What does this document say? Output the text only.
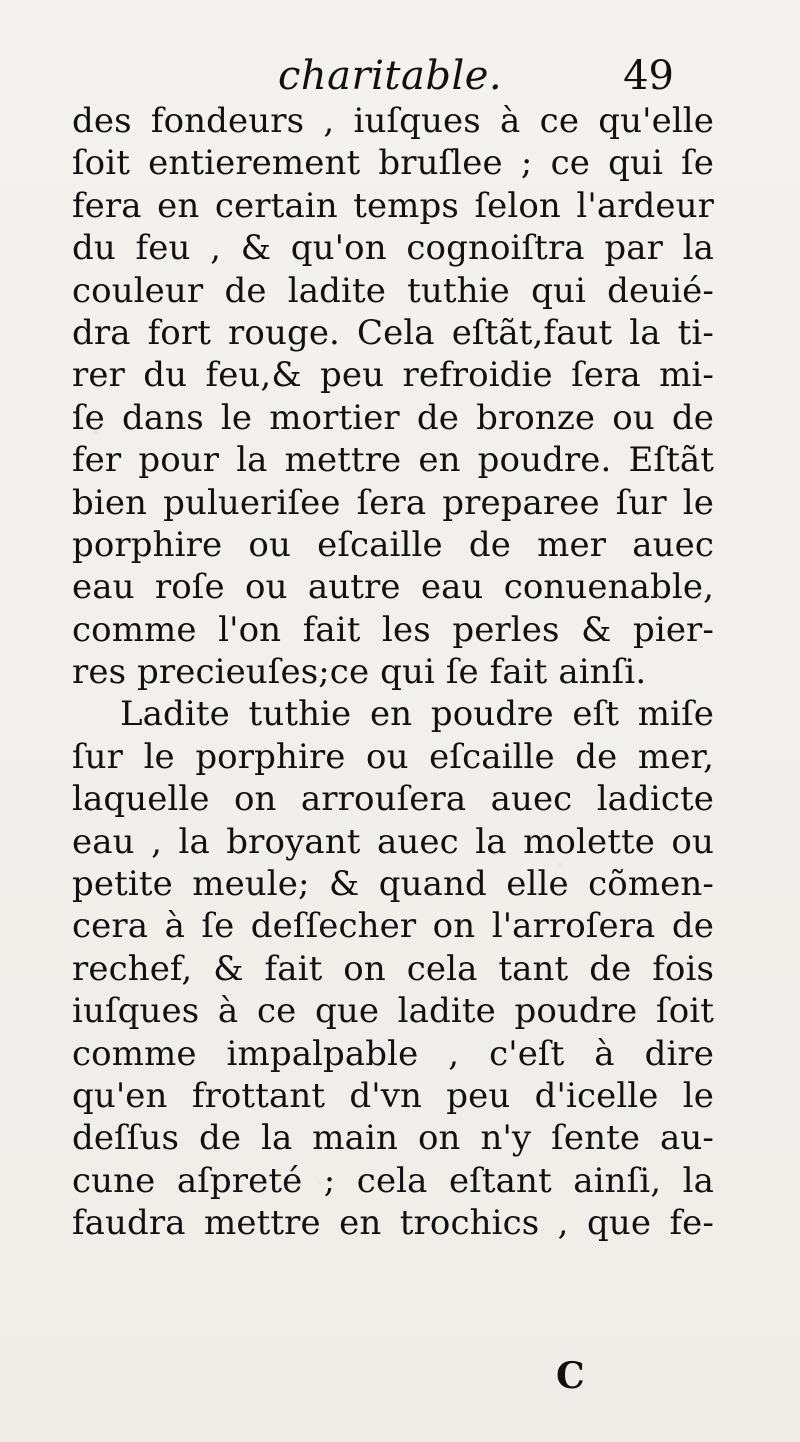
charitable.	49
des fondeurs , iuſques à ce qu'elle
ſoit entierement bruſlee ; ce qui ſe
fera en certain temps ſelon l'ardeur
du feu , & qu'on cognoiſtra par la
couleur de ladite tuthie qui deuié-
dra fort rouge. Cela eſtãt,faut la ti-
rer du feu,& peu refroidie ſera mi-
ſe dans le mortier de bronze ou de
fer pour la mettre en poudre. Eſtãt
bien pulueriſee ſera preparee ſur le
porphire ou eſcaille de mer auec
eau roſe ou autre eau conuenable,
comme l'on fait les perles & pier-
res precieuſes;ce qui ſe fait ainſi.
Ladite tuthie en poudre eſt miſe
ſur le porphire ou eſcaille de mer,
laquelle on arrouſera auec ladicte
eau , la broyant auec la molette ou
petite meule; & quand elle cõmen-
cera à ſe deſſecher on l'arroſera de
rechef, & fait on cela tant de fois
iuſques à ce que ladite poudre ſoit
comme impalpable , c'eſt à dire
qu'en frottant d'vn peu d'icelle le
deſſus de la main on n'y ſente au-
cune aſpreté ; cela eſtant ainſi, la
faudra mettre en trochics , que fe-
C
